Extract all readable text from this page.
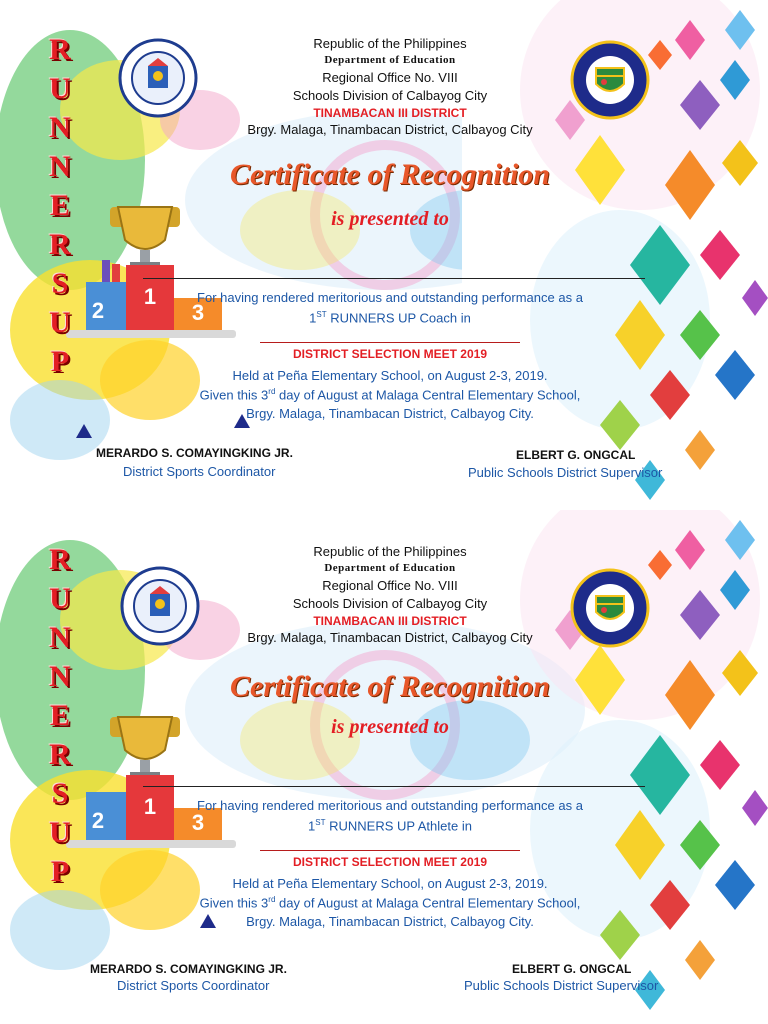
2
1
3
R
U
N
N
E
R
S
U
P
Republic of the Philippines
Department of Education
Regional Office No. VIII
Schools Division of Calbayog City
TINAMBACAN III DISTRICT
Brgy. Malaga, Tinambacan District, Calbayog City
Certificate of Recognition
is presented to
For having rendered meritorious and outstanding performance as a
1ST RUNNERS UP Coach in
DISTRICT SELECTION MEET 2019
Held at Peña Elementary School, on August 2-3, 2019.
Given this 3rd day of August at Malaga Central Elementary School,
Brgy. Malaga, Tinambacan District, Calbayog City.
MERARDO S. COMAYINGKING JR.
District Sports Coordinator
ELBERT G. ONGCAL
Public Schools District Supervisor
2
1
3
R
U
N
N
E
R
S
U
P
Republic of the Philippines
Department of Education
Regional Office No. VIII
Schools Division of Calbayog City
TINAMBACAN III DISTRICT
Brgy. Malaga, Tinambacan District, Calbayog City
Certificate of Recognition
is presented to
For having rendered meritorious and outstanding performance as a
1ST RUNNERS UP Athlete in
DISTRICT SELECTION MEET 2019
Held at Peña Elementary School, on August 2-3, 2019.
Given this 3rd day of August at Malaga Central Elementary School,
Brgy. Malaga, Tinambacan District, Calbayog City.
MERARDO S. COMAYINGKING JR.
District Sports Coordinator
ELBERT G. ONGCAL
Public Schools District Supervisor
